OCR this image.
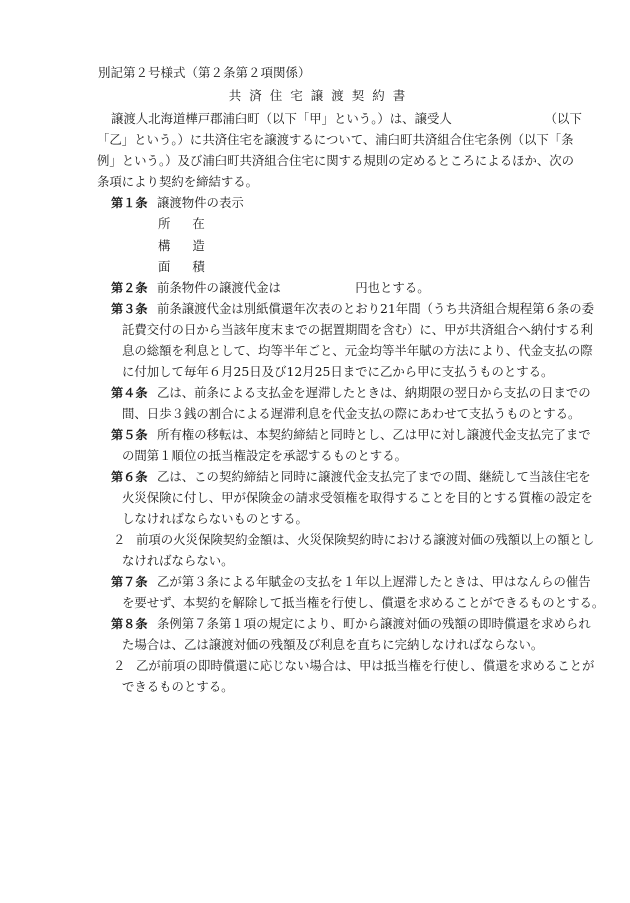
別記第２号様式（第２条第２項関係）
共済住宅譲渡契約書
譲渡人北海道樺戸郡浦臼町（以下「甲」という。）は、譲受人　　　　　　　　（以下
「乙」という。）に共済住宅を譲渡するについて、浦臼町共済組合住宅条例（以下「条
例」という。）及び浦臼町共済組合住宅に関する規則の定めるところによるほか、次の
条項により契約を締結する。
第１条 譲渡物件の表示
所在
構造
面積
第２条 前条物件の譲渡代金は　　　　　　円也とする。
第３条 前条譲渡代金は別紙償還年次表のとおり21年間（うち共済組合規程第６条の委
託費交付の日から当該年度末までの据置期間を含む）に、甲が共済組合へ納付する利
息の総額を利息として、均等半年ごと、元金均等半年賦の方法により、代金支払の際
に付加して毎年６月25日及び12月25日までに乙から甲に支払うものとする。
第４条 乙は、前条による支払金を遅滞したときは、納期限の翌日から支払の日までの
間、日歩３銭の割合による遅滞利息を代金支払の際にあわせて支払うものとする。
第５条 所有権の移転は、本契約締結と同時とし、乙は甲に対し譲渡代金支払完了まで
の間第１順位の抵当権設定を承認するものとする。
第６条 乙は、この契約締結と同時に譲渡代金支払完了までの間、継続して当該住宅を
火災保険に付し、甲が保険金の請求受領権を取得することを目的とする質権の設定を
しなければならないものとする。
２ 前項の火災保険契約金額は、火災保険契約時における譲渡対価の残額以上の額とし
なければならない。
第７条 乙が第３条による年賦金の支払を１年以上遅滞したときは、甲はなんらの催告
を要せず、本契約を解除して抵当権を行使し、償還を求めることができるものとする。
第８条 条例第７条第１項の規定により、町から譲渡対価の残額の即時償還を求められ
た場合は、乙は譲渡対価の残額及び利息を直ちに完納しなければならない。
２ 乙が前項の即時償還に応じない場合は、甲は抵当権を行使し、償還を求めることが
できるものとする。
